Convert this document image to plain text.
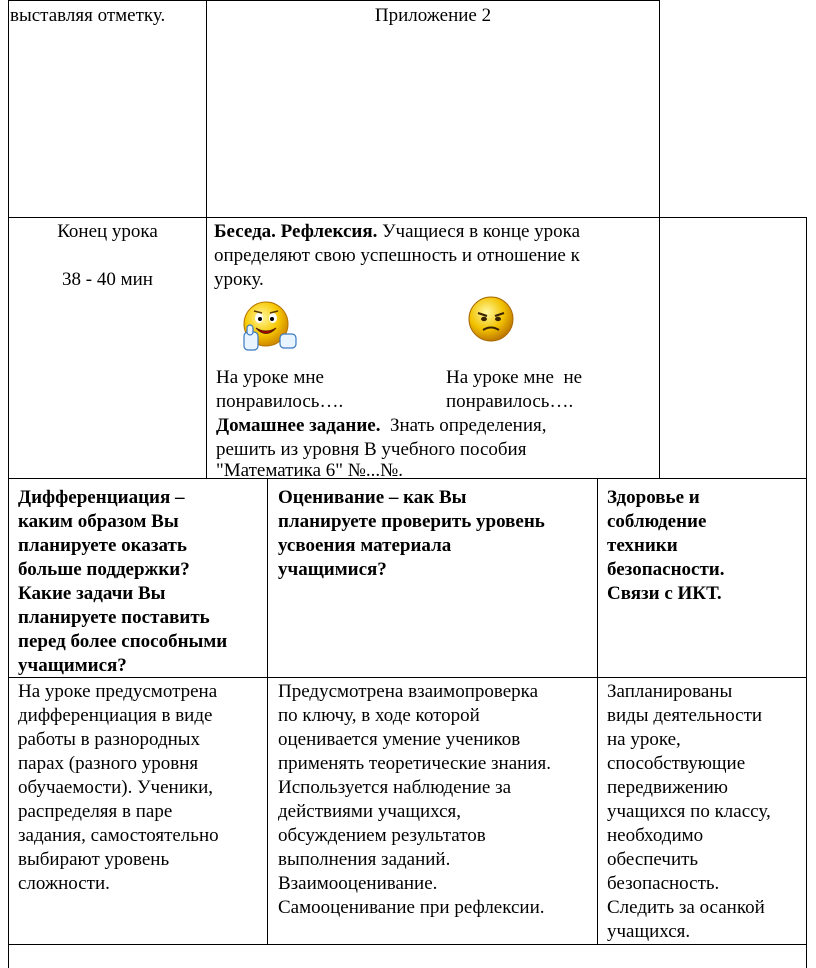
выставляя отметку.	Приложение 2
Конец урока
38 - 40 мин
Беседа. Рефлексия. Учащиеся в конце урока
определяют свою успешность и отношение к
уроку.
На уроке мне
понравилось….
На уроке мне  не
понравилось….
Домашнее задание.  Знать определения,
решить из уровня В учебного пособия
"Математика 6" №...№.
Дифференциация –
каким образом Вы
планируете оказать
больше поддержки?
Какие задачи Вы
планируете поставить
перед более способными
учащимися?
Оценивание – как Вы
планируете проверить уровень
усвоения материала
учащимися?
Здоровье и
соблюдение
техники
безопасности.
Связи с ИКТ.
На уроке предусмотрена
дифференциация в виде
работы в разнородных
парах (разного уровня
обучаемости). Ученики,
распределяя в паре
задания, самостоятельно
выбирают уровень
сложности.
Предусмотрена взаимопроверка
по ключу, в ходе которой
оценивается умение учеников
применять теоретические знания.
Используется наблюдение за
действиями учащихся,
обсуждением результатов
выполнения заданий.
Взаимооценивание.
Самооценивание при рефлексии.
Запланированы
виды деятельности
на уроке,
способствующие
передвижению
учащихся по классу,
необходимо
обеспечить
безопасность.
Следить за осанкой
учащихся.
